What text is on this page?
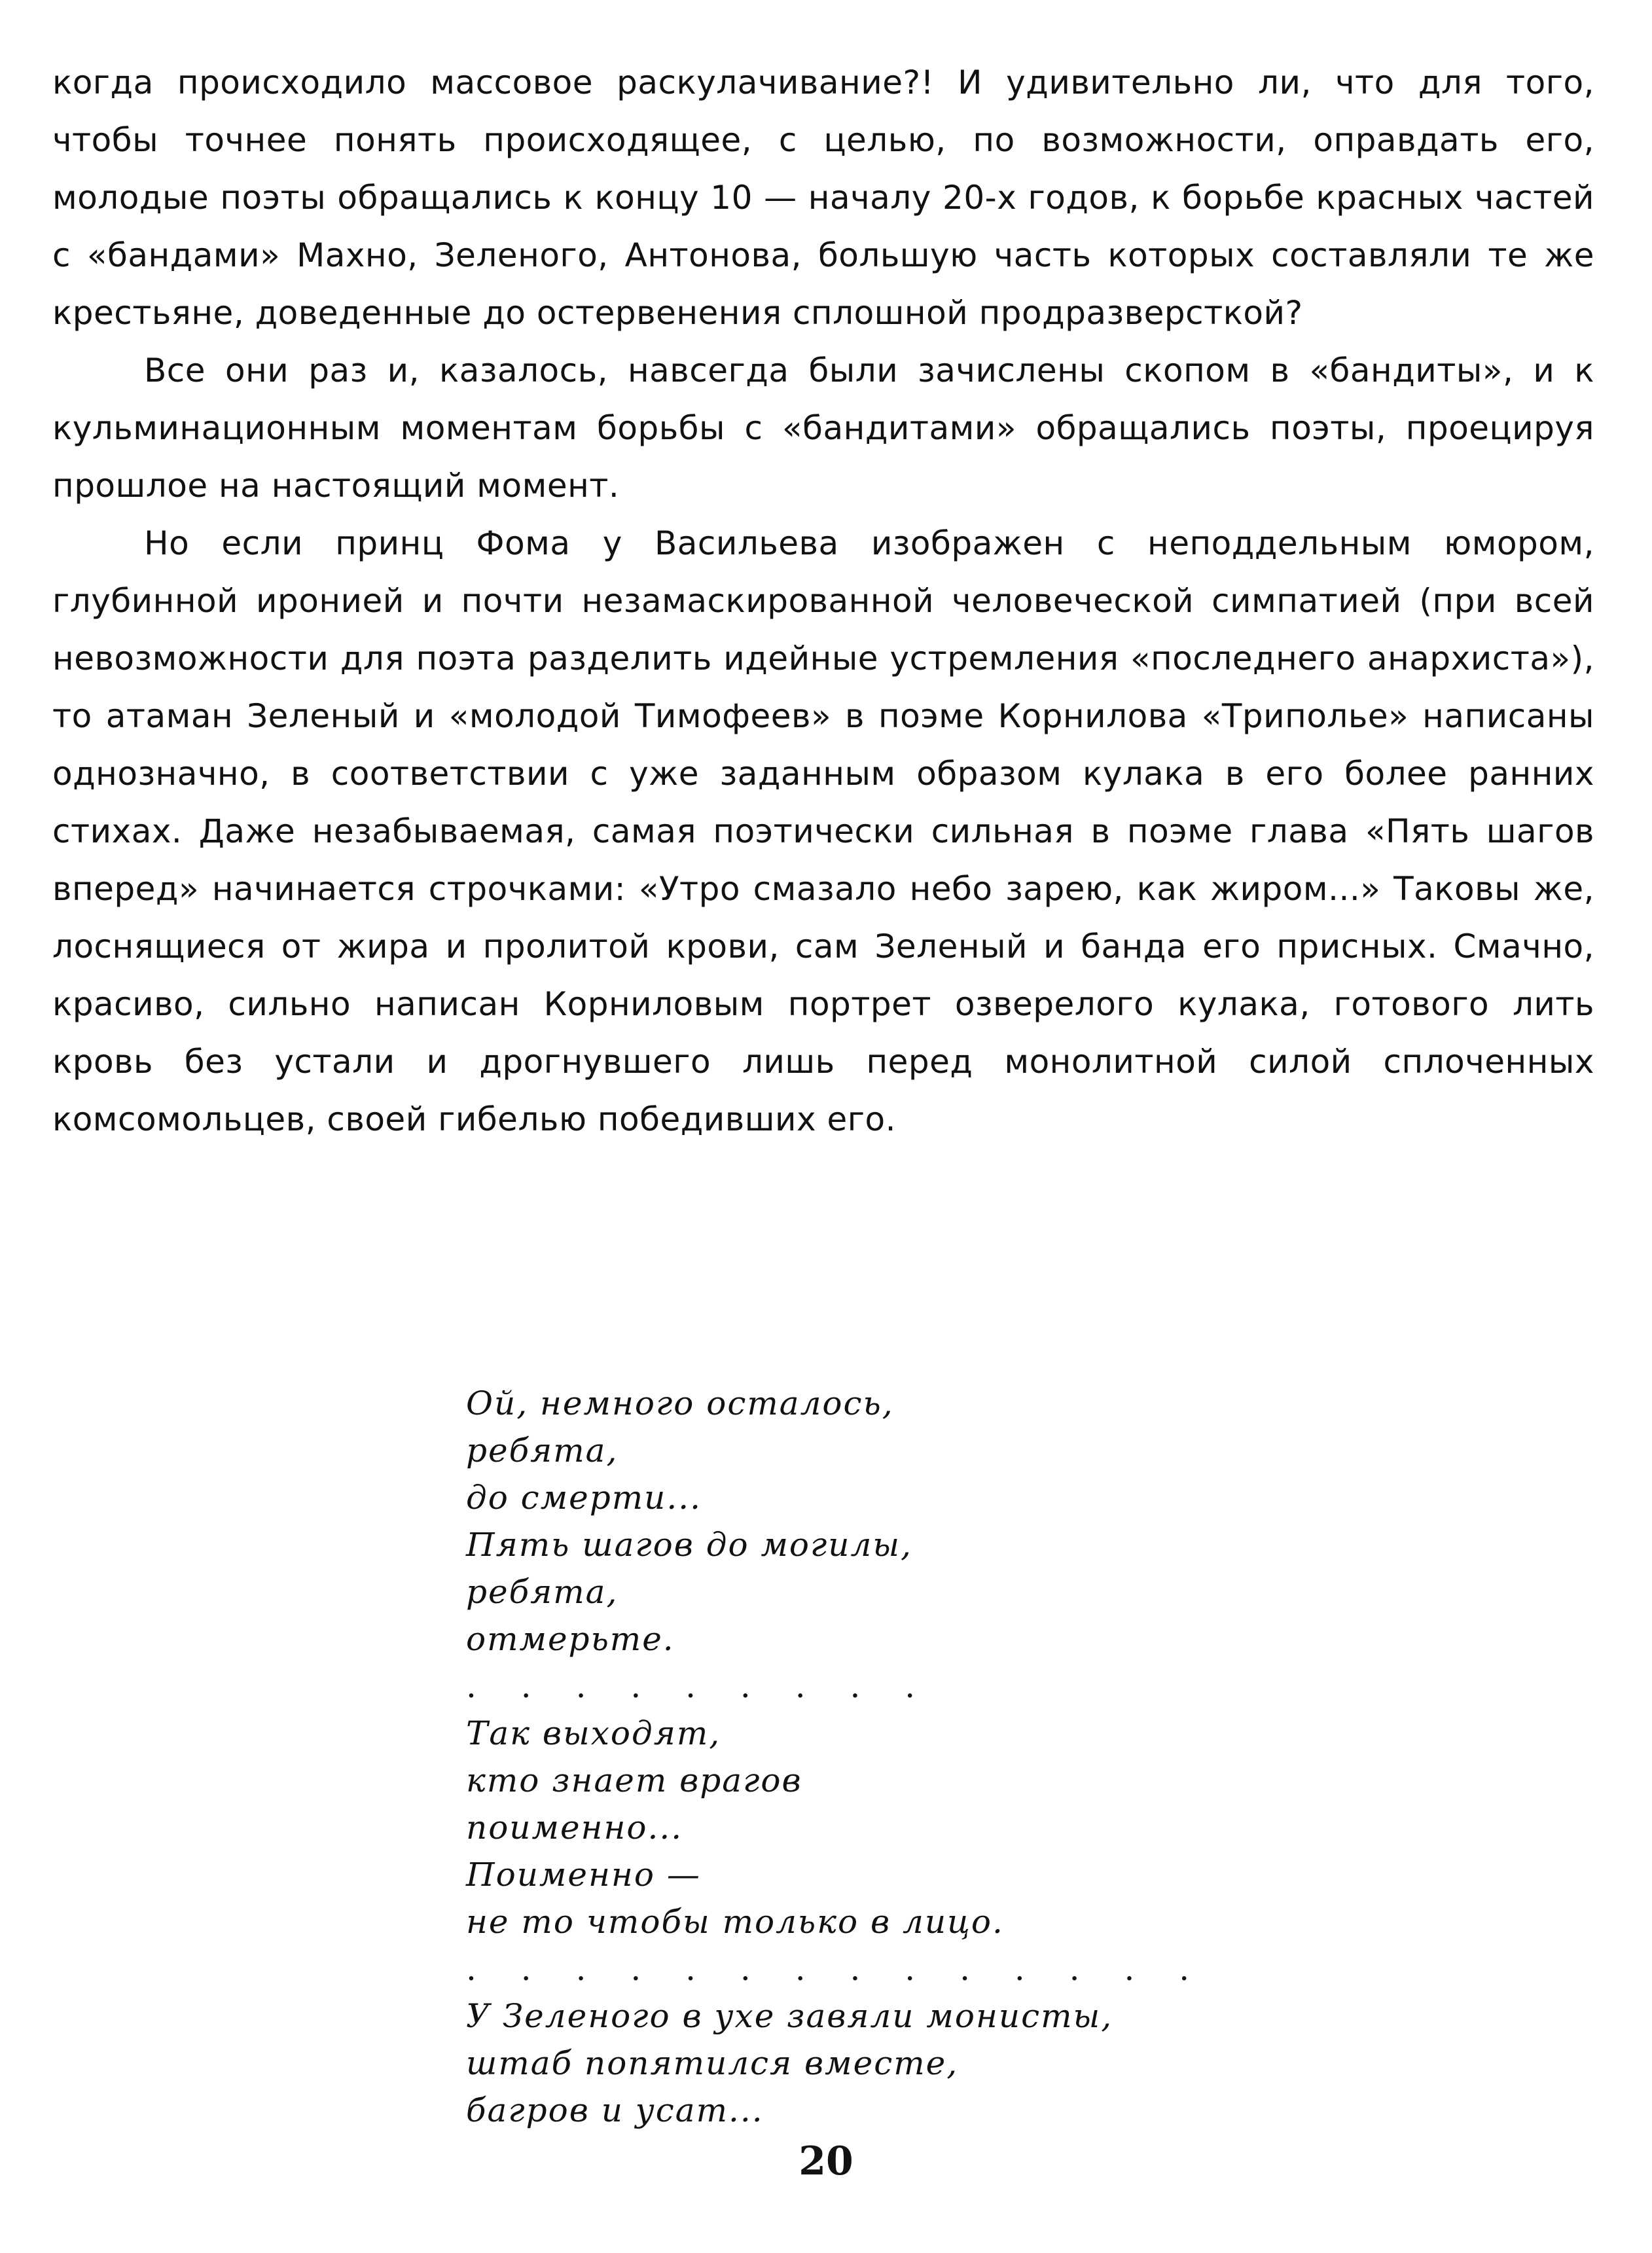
когда происходило массовое раскулачивание?! И удивительно ли, что для того, чтобы точнее понять происходящее, с целью, по возможности, оправдать его, молодые поэты обращались к концу 10 — началу 20-х годов, к борьбе красных частей с «бандами» Махно, Зеленого, Антонова, большую часть которых составляли те же крестьяне, доведенные до остервенения сплошной продразверсткой?

Все они раз и, казалось, навсегда были зачислены скопом в «бандиты», и к кульминационным моментам борьбы с «бандитами» обращались поэты, проецируя прошлое на настоящий момент.

Но если принц Фома у Васильева изображен с неподдельным юмором, глубинной иронией и почти незамаскированной человеческой симпатией (при всей невозможности для поэта разделить идейные устремления «последнего анархиста»), то атаман Зеленый и «молодой Тимофеев» в поэме Корнилова «Триполье» написаны однозначно, в соответствии с уже заданным образом кулака в его более ранних стихах. Даже незабываемая, самая поэтически сильная в поэме глава «Пять шагов вперед» начинается строчками: «Утро смазало небо зарею, как жиром...» Таковы же, лоснящиеся от жира и пролитой крови, сам Зеленый и банда его присных. Смачно, красиво, сильно написан Корниловым портрет озверелого кулака, готового лить кровь без устали и дрогнувшего лишь перед монолитной силой сплоченных комсомольцев, своей гибелью победивших его.

Ой, немного осталось,
ребята,
до смерти...
Пять шагов до могилы,
ребята,
отмерьте.
. . . . . . . . .
Так выходят,
кто знает врагов
поименно...
Поименно —
не то чтобы только в лицо.
. . . . . . . . . . . . . .
У Зеленого в ухе завяли монисты,
штаб попятился вместе,
багров и усат...
20
